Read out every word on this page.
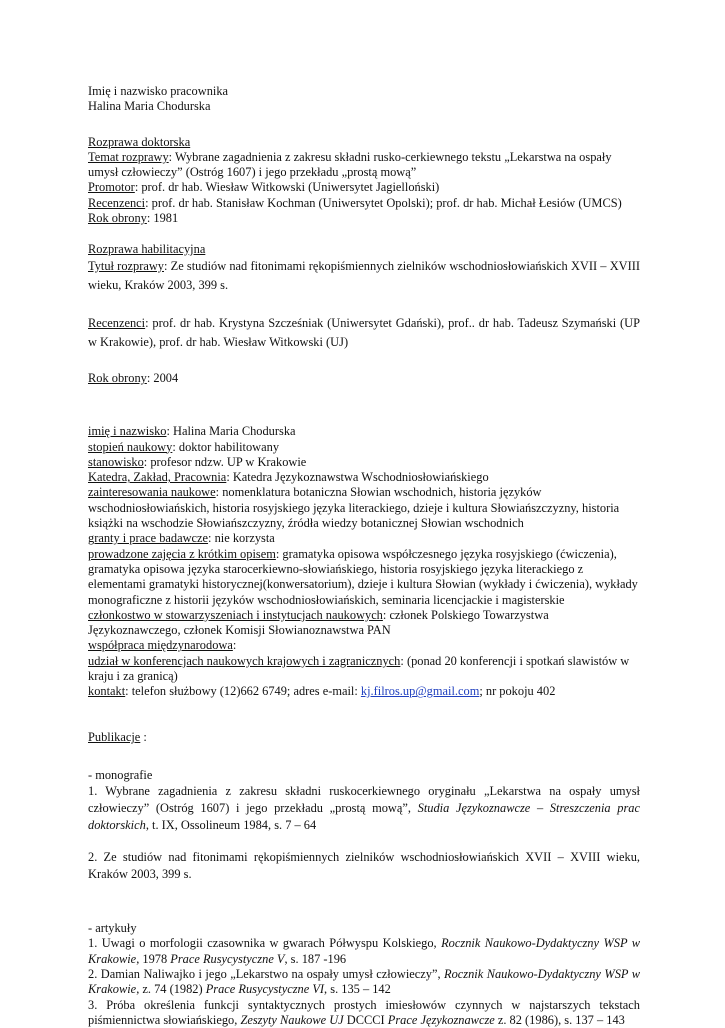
Imię i nazwisko pracownika

Halina Maria Chodurska

Rozprawa doktorska

Temat rozprawy: Wybrane zagadnienia z zakresu składni rusko-cerkiewnego tekstu „Lekarstwa na ospały umysł człowieczy” (Ostróg 1607) i jego przekładu „prostą mową”

Promotor: prof. dr hab. Wiesław Witkowski (Uniwersytet Jagielloński)

Recenzenci: prof. dr hab. Stanisław Kochman (Uniwersytet Opolski); prof. dr hab. Michał Łesiów (UMCS)

Rok obrony: 1981

Rozprawa habilitacyjna

Tytuł rozprawy: Ze studiów nad fitonimami rękopiśmiennych zielników wschodniosłowiańskich XVII – XVIII wieku, Kraków 2003, 399 s.

Recenzenci: prof. dr hab. Krystyna Szcześniak (Uniwersytet Gdański), prof.. dr hab. Tadeusz Szymański (UP w Krakowie), prof. dr hab. Wiesław Witkowski (UJ)

Rok obrony: 2004

imię i nazwisko: Halina Maria Chodurska

stopień naukowy: doktor habilitowany

stanowisko: profesor ndzw. UP w Krakowie

Katedra, Zakład, Pracownia: Katedra Językoznawstwa Wschodniosłowiańskiego

zainteresowania naukowe: nomenklatura botaniczna Słowian wschodnich, historia języków wschodniosłowiańskich, historia rosyjskiego języka literackiego, dzieje i kultura Słowiańszczyzny, historia książki na wschodzie Słowiańszczyzny, źródła wiedzy botanicznej Słowian wschodnich

granty i prace badawcze: nie korzysta

prowadzone zajęcia z krótkim opisem: gramatyka opisowa współczesnego języka rosyjskiego (ćwiczenia), gramatyka opisowa języka starocerkiewno-słowiańskiego, historia rosyjskiego języka literackiego z elementami gramatyki historycznej(konwersatorium), dzieje i kultura Słowian (wykłady i ćwiczenia), wykłady monograficzne z historii języków wschodniosłowiańskich, seminaria licencjackie i magisterskie

członkostwo w stowarzyszeniach i instytucjach naukowych: członek Polskiego Towarzystwa Językoznawczego, członek Komisji Słowianoznawstwa PAN

współpraca międzynarodowa:

udział w konferencjach naukowych krajowych i zagranicznych: (ponad 20 konferencji i spotkań slawistów w kraju i za granicą)

kontakt: telefon służbowy (12)662 6749; adres e-mail: kj.filros.up@gmail.com; nr pokoju 402

Publikacje :

- monografie

1. Wybrane zagadnienia z zakresu składni ruskocerkiewnego oryginału „Lekarstwa na ospały umysł człowieczy” (Ostróg 1607) i jego przekładu „prostą mową”, Studia Językoznawcze – Streszczenia prac doktorskich, t. IX, Ossolineum 1984, s. 7 – 64

2. Ze studiów nad fitonimami rękopiśmiennych zielników wschodniosłowiańskich XVII – XVIII wieku, Kraków 2003, 399 s.

- artykuły

1. Uwagi o morfologii czasownika w gwarach Półwyspu Kolskiego, Rocznik Naukowo-Dydaktyczny WSP w Krakowie, 1978 Prace Rusycystyczne V, s. 187 -196

2. Damian Naliwajko i jego „Lekarstwo na ospały umysł człowieczy”, Rocznik Naukowo-Dydaktyczny WSP w Krakowie, z. 74 (1982) Prace Rusycystyczne VI, s. 135 – 142

3. Próba określenia funkcji syntaktycznych prostych imiesłowów czynnych w najstarszych tekstach piśmiennictwa słowiańskiego, Zeszyty Naukowe UJ DCCCI Prace Językoznawcze z. 82 (1986), s. 137 – 143
